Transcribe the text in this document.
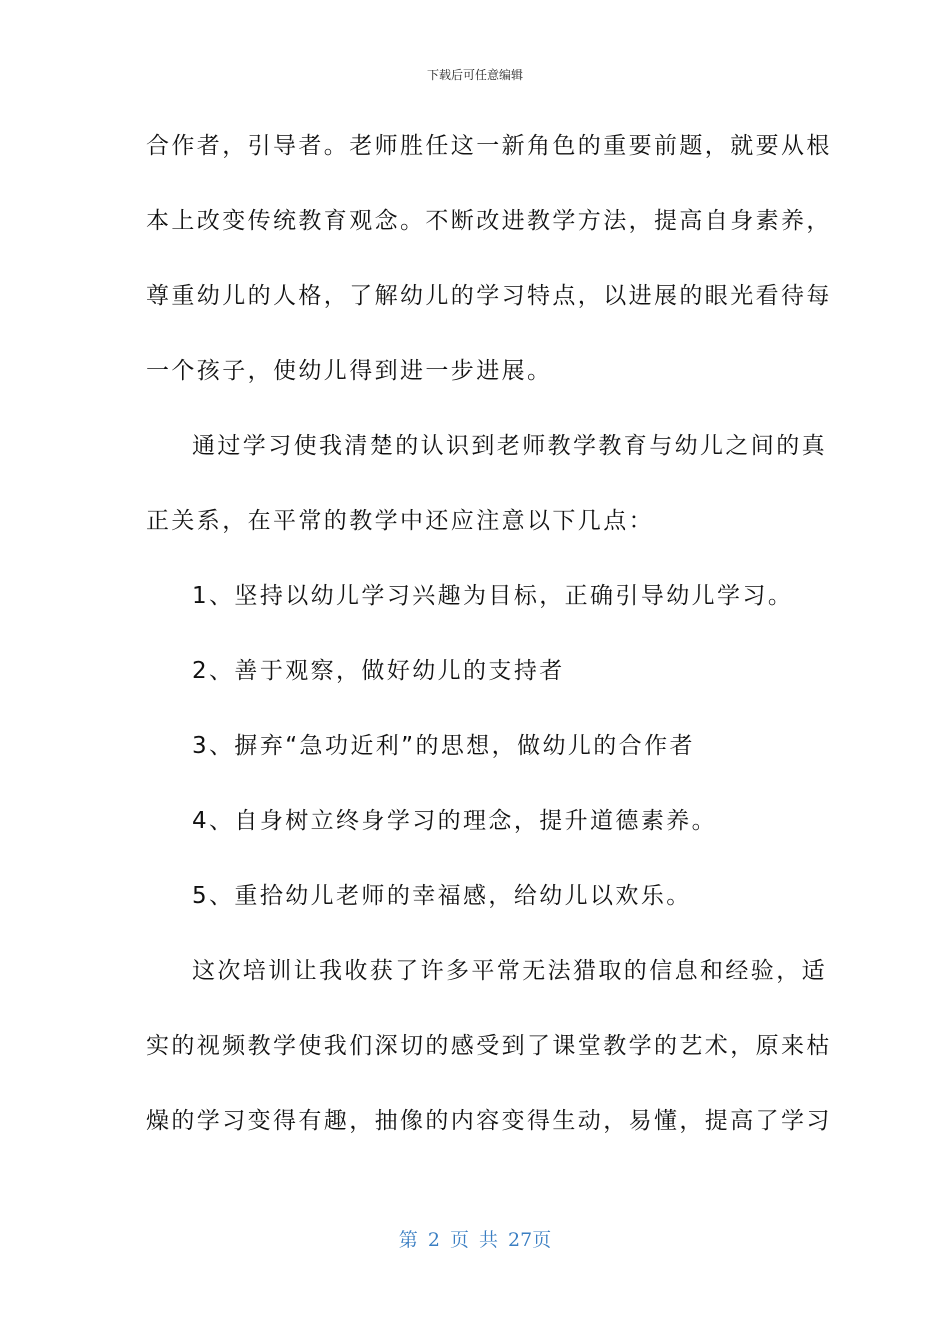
下载后可任意编辑
合作者，引导者。老师胜任这一新角色的重要前题，就要从根
本上改变传统教育观念。不断改进教学方法，提高自身素养，
尊重幼儿的人格，了解幼儿的学习特点，以进展的眼光看待每
一个孩子，使幼儿得到进一步进展。
通过学习使我清楚的认识到老师教学教育与幼儿之间的真
正关系，在平常的教学中还应注意以下几点：
1、坚持以幼儿学习兴趣为目标，正确引导幼儿学习。
2、善于观察，做好幼儿的支持者
3、摒弃“急功近利”的思想，做幼儿的合作者
4、自身树立终身学习的理念，提升道德素养。
5、重拾幼儿老师的幸福感，给幼儿以欢乐。
这次培训让我收获了许多平常无法猎取的信息和经验，适
实的视频教学使我们深切的感受到了课堂教学的艺术，原来枯
燥的学习变得有趣，抽像的内容变得生动，易懂，提高了学习
第 2 页 共 27页
